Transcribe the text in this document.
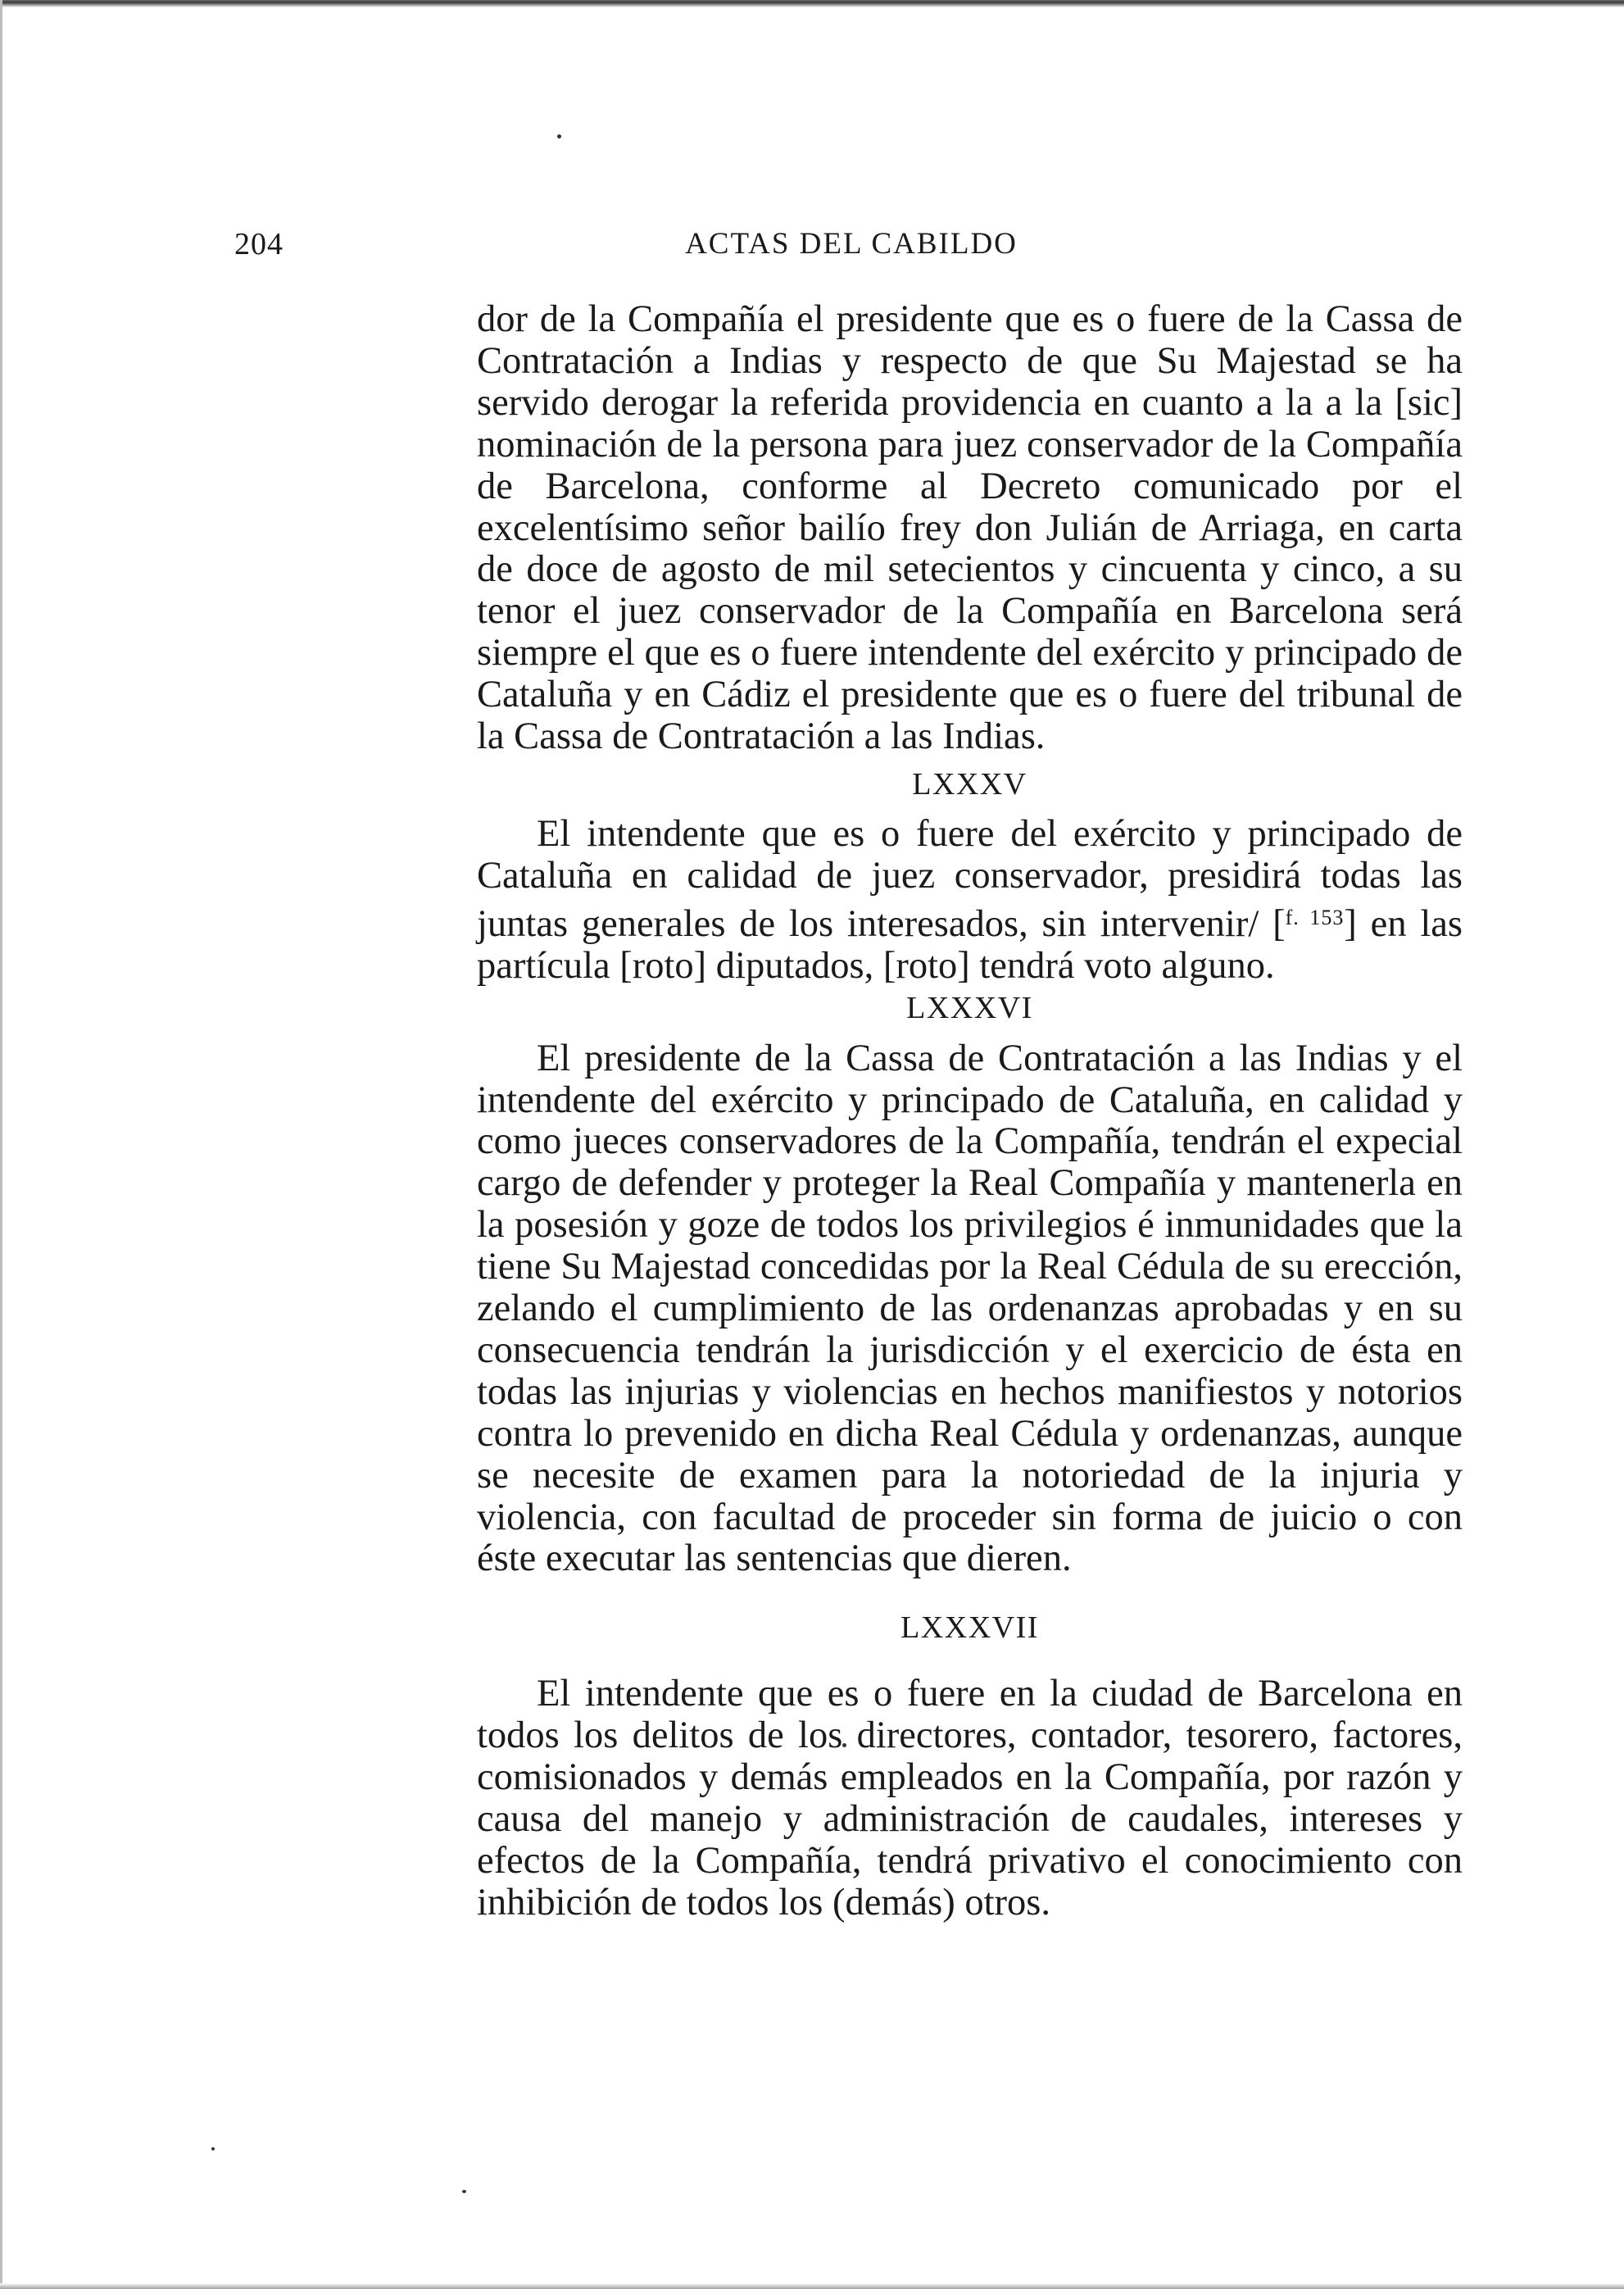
204	ACTAS DEL CABILDO

dor de la Compañía el presidente que es o fuere de la Cassa de Contratación a Indias y respecto de que Su Majestad se ha servido derogar la referida providencia en cuanto a la a la [sic] nominación de la persona para juez conservador de la Compañía de Barcelona, conforme al Decreto comunicado por el excelentísimo señor bailío frey don Julián de Arriaga, en carta de doce de agosto de mil setecientos y cincuenta y cinco, a su tenor el juez conservador de la Compañía en Barcelona será siempre el que es o fuere intendente del exército y principado de Cataluña y en Cádiz el presidente que es o fuere del tribunal de la Cassa de Contratación a las Indias.

LXXXV

El intendente que es o fuere del exército y principado de Cataluña en calidad de juez conservador, presidirá todas las juntas generales de los interesados, sin intervenir/ [$^{f. 153}$] en las partícula [roto] diputados, [roto] tendrá voto alguno.

LXXXVI

El presidente de la Cassa de Contratación a las Indias y el intendente del exército y principado de Cataluña, en calidad y como jueces conservadores de la Compañía, tendrán el expecial cargo de defender y proteger la Real Compañía y mantenerla en la posesión y goze de todos los privilegios é inmunidades que la tiene Su Majestad concedidas por la Real Cédula de su erección, zelando el cumplimiento de las ordenanzas aprobadas y en su consecuencia tendrán la jurisdicción y el exercicio de ésta en todas las injurias y violencias en hechos manifiestos y notorios contra lo prevenido en dicha Real Cédula y ordenanzas, aunque se necesite de examen para la notoriedad de la injuria y violencia, con facultad de proceder sin forma de juicio o con éste executar las sentencias que dieren.

LXXXVII

El intendente que es o fuere en la ciudad de Barcelona en todos los delitos de los directores, contador, tesorero, factores, comisionados y demás empleados en la Compañía, por razón y causa del manejo y administración de caudales, intereses y efectos de la Compañía, tendrá privativo el conocimiento con inhibición de todos los (demás) otros.
